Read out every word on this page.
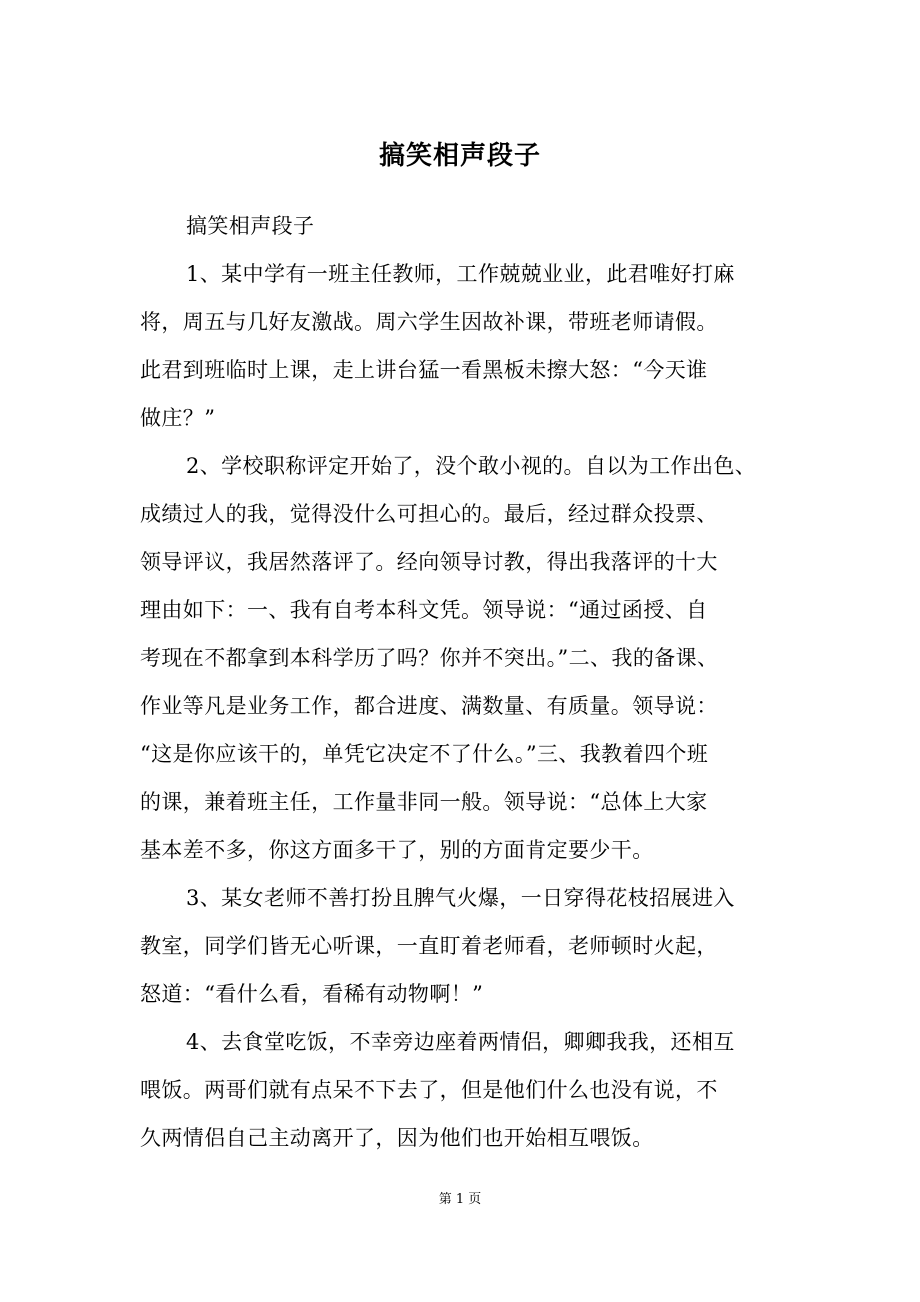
搞笑相声段子
搞笑相声段子
1、某中学有一班主任教师，工作兢兢业业，此君唯好打麻
将，周五与几好友激战。周六学生因故补课，带班老师请假。
此君到班临时上课，走上讲台猛一看黑板未擦大怒：“今天谁
做庄？”
2、学校职称评定开始了，没个敢小视的。自以为工作出色、
成绩过人的我，觉得没什么可担心的。最后，经过群众投票、
领导评议，我居然落评了。经向领导讨教，得出我落评的十大
理由如下：一、我有自考本科文凭。领导说：“通过函授、自
考现在不都拿到本科学历了吗？你并不突出。”二、我的备课、
作业等凡是业务工作，都合进度、满数量、有质量。领导说：
“这是你应该干的，单凭它决定不了什么。”三、我教着四个班
的课，兼着班主任，工作量非同一般。领导说：“总体上大家
基本差不多，你这方面多干了，别的方面肯定要少干。
3、某女老师不善打扮且脾气火爆，一日穿得花枝招展进入
教室，同学们皆无心听课，一直盯着老师看，老师顿时火起，
怒道：“看什么看，看稀有动物啊！”
4、去食堂吃饭，不幸旁边座着两情侣，卿卿我我，还相互
喂饭。两哥们就有点呆不下去了，但是他们什么也没有说，不
久两情侣自己主动离开了，因为他们也开始相互喂饭。
第 1 页
